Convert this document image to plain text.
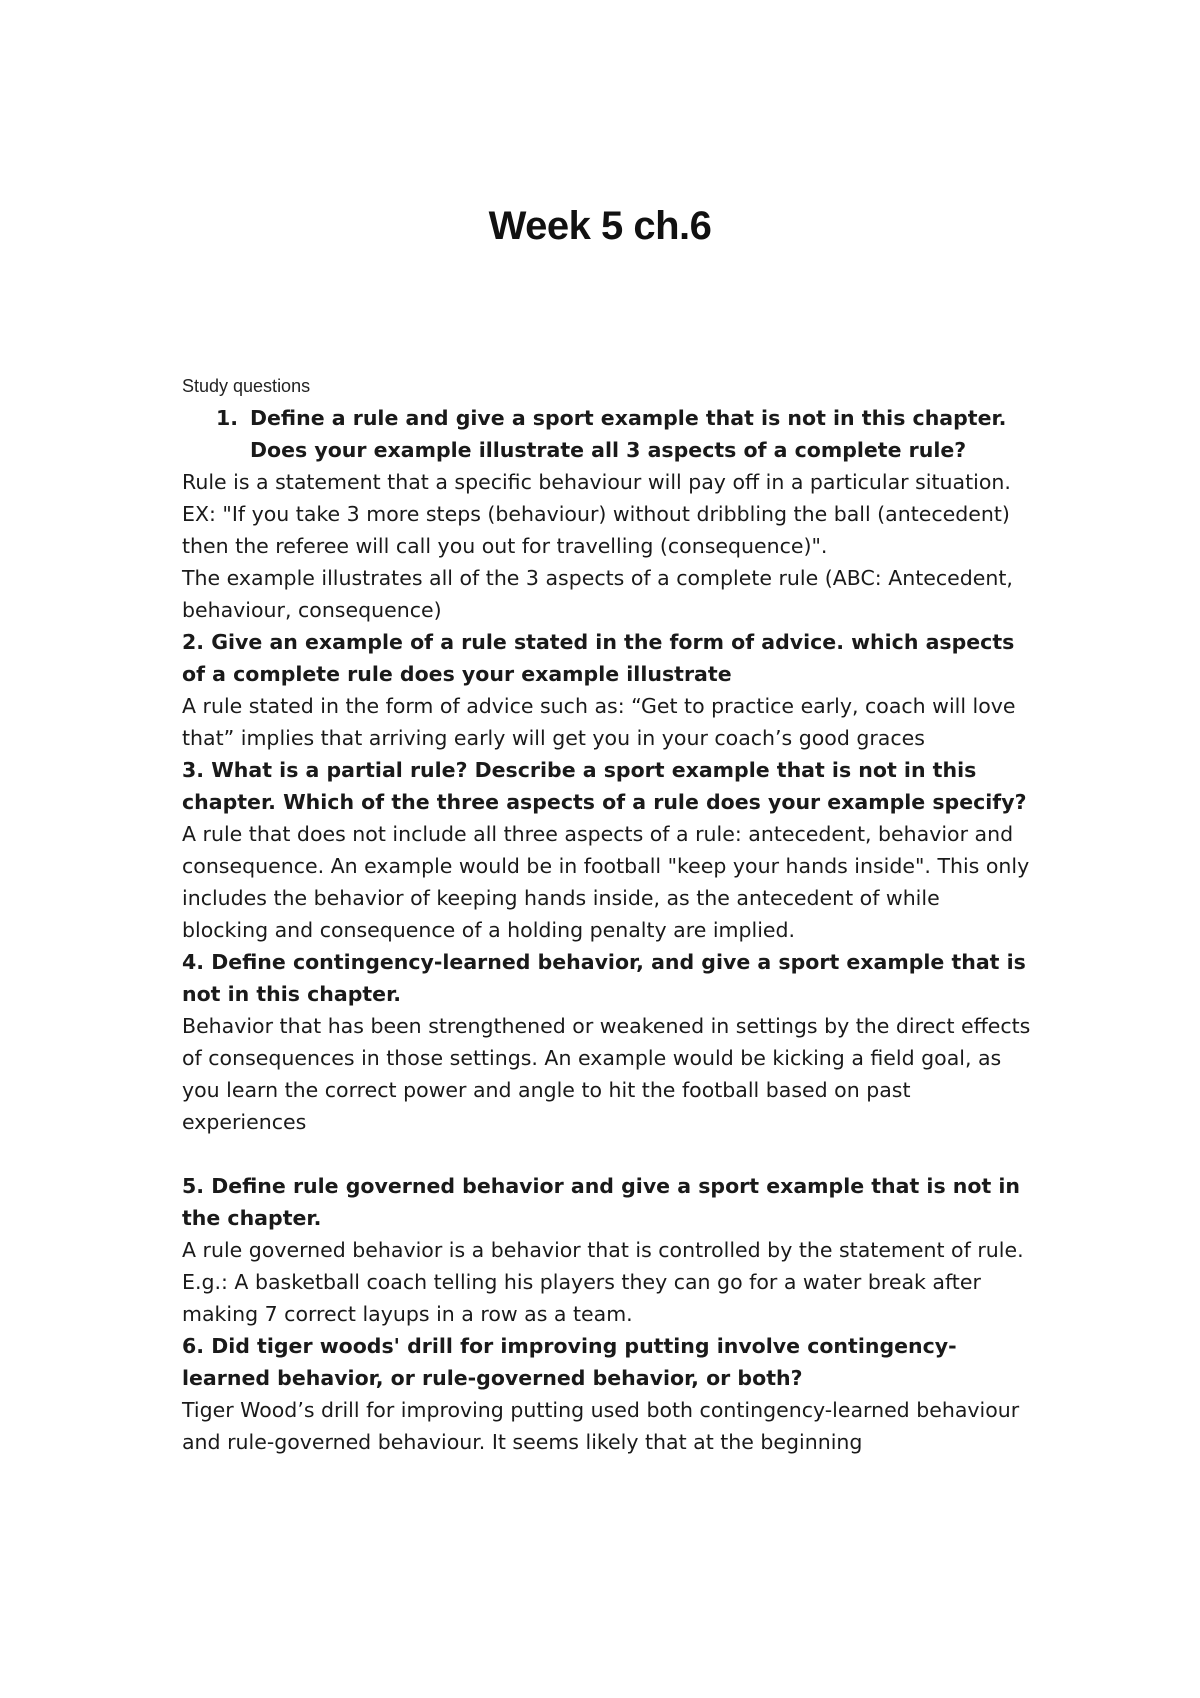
Week 5 ch.6
Study questions
1. Define a rule and give a sport example that is not in this chapter. Does your example illustrate all 3 aspects of a complete rule?

Rule is a statement that a specific behaviour will pay off in a particular situation.

EX: "If you take 3 more steps (behaviour) without dribbling the ball (antecedent) then the referee will call you out for travelling (consequence)".

The example illustrates all of the 3 aspects of a complete rule (ABC: Antecedent, behaviour, consequence)

2. Give an example of a rule stated in the form of advice. which aspects of a complete rule does your example illustrate

A rule stated in the form of advice such as: “Get to practice early, coach will love that” implies that arriving early will get you in your coach’s good graces

3. What is a partial rule? Describe a sport example that is not in this chapter. Which of the three aspects of a rule does your example specify?

A rule that does not include all three aspects of a rule: antecedent, behavior and consequence. An example would be in football "keep your hands inside". This only includes the behavior of keeping hands inside, as the antecedent of while blocking and consequence of a holding penalty are implied.

4. Define contingency-learned behavior, and give a sport example that is not in this chapter.

Behavior that has been strengthened or weakened in settings by the direct effects of consequences in those settings. An example would be kicking a field goal, as you learn the correct power and angle to hit the football based on past experiences

5. Define rule governed behavior and give a sport example that is not in the chapter.

A rule governed behavior is a behavior that is controlled by the statement of rule. E.g.: A basketball coach telling his players they can go for a water break after making 7 correct layups in a row as a team.

6. Did tiger woods' drill for improving putting involve contingency-learned behavior, or rule-governed behavior, or both?

Tiger Wood’s drill for improving putting used both contingency-learned behaviour and rule-governed behaviour. It seems likely that at the beginning
